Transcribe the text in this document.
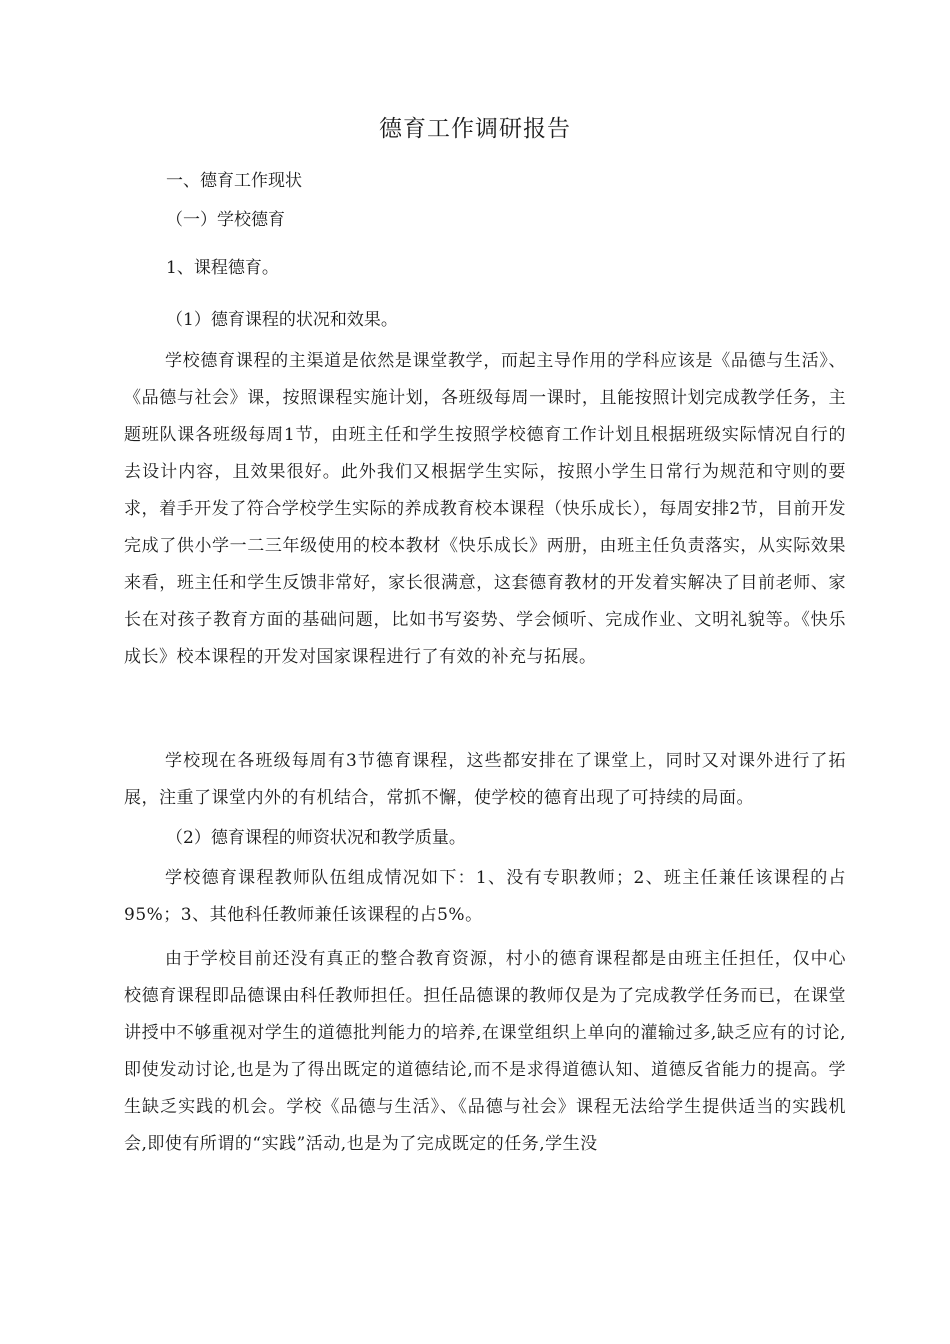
德育工作调研报告
一、德育工作现状
（一）学校德育
1、课程德育。
（1）德育课程的状况和效果。

学校德育课程的主渠道是依然是课堂教学，而起主导作用的学科应该是《品德与生活》、《品德与社会》课，按照课程实施计划，各班级每周一课时，且能按照计划完成教学任务，主题班队课各班级每周1节，由班主任和学生按照学校德育工作计划且根据班级实际情况自行的去设计内容，且效果很好。此外我们又根据学生实际，按照小学生日常行为规范和守则的要求，着手开发了符合学校学生实际的养成教育校本课程（快乐成长），每周安排2节，目前开发完成了供小学一二三年级使用的校本教材《快乐成长》两册，由班主任负责落实，从实际效果来看，班主任和学生反馈非常好，家长很满意，这套德育教材的开发着实解决了目前老师、家长在对孩子教育方面的基础问题，比如书写姿势、学会倾听、完成作业、文明礼貌等。《快乐成长》校本课程的开发对国家课程进行了有效的补充与拓展。

学校现在各班级每周有3节德育课程，这些都安排在了课堂上，同时又对课外进行了拓展，注重了课堂内外的有机结合，常抓不懈，使学校的德育出现了可持续的局面。

（2）德育课程的师资状况和教学质量。

学校德育课程教师队伍组成情况如下：1、没有专职教师；2、班主任兼任该课程的占95%；3、其他科任教师兼任该课程的占5%。

由于学校目前还没有真正的整合教育资源，村小的德育课程都是由班主任担任，仅中心校德育课程即品德课由科任教师担任。担任品德课的教师仅是为了完成教学任务而已，在课堂讲授中不够重视对学生的道德批判能力的培养,在课堂组织上单向的灌输过多,缺乏应有的讨论,即使发动讨论,也是为了得出既定的道德结论,而不是求得道德认知、道德反省能力的提高。学生缺乏实践的机会。学校《品德与生活》、《品德与社会》课程无法给学生提供适当的实践机会,即使有所谓的“实践”活动,也是为了完成既定的任务,学生没
